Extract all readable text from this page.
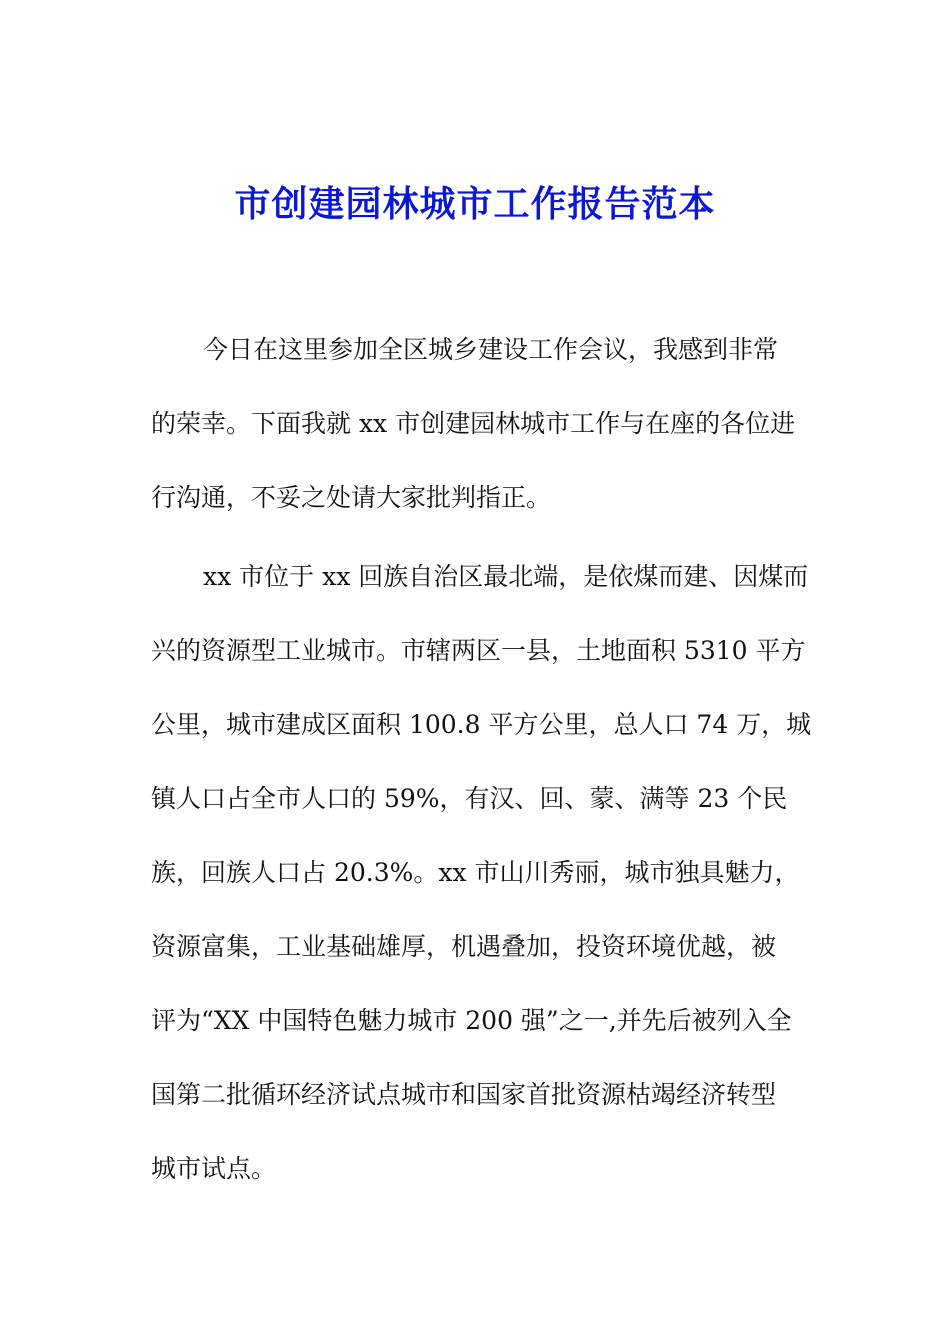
市创建园林城市工作报告范本
今日在这里参加全区城乡建设工作会议，我感到非常
的荣幸。下面我就 xx 市创建园林城市工作与在座的各位进
行沟通，不妥之处请大家批判指正。
xx 市位于 xx 回族自治区最北端，是依煤而建、因煤而
兴的资源型工业城市。市辖两区一县，土地面积 5310 平方
公里，城市建成区面积 100.8 平方公里，总人口 74 万，城
镇人口占全市人口的 59%，有汉、回、蒙、满等 23 个民
族，回族人口占 20.3%。xx 市山川秀丽，城市独具魅力，
资源富集，工业基础雄厚，机遇叠加，投资环境优越，被
评为“XX 中国特色魅力城市 200 强”之一,并先后被列入全
国第二批循环经济试点城市和国家首批资源枯竭经济转型
城市试点。
